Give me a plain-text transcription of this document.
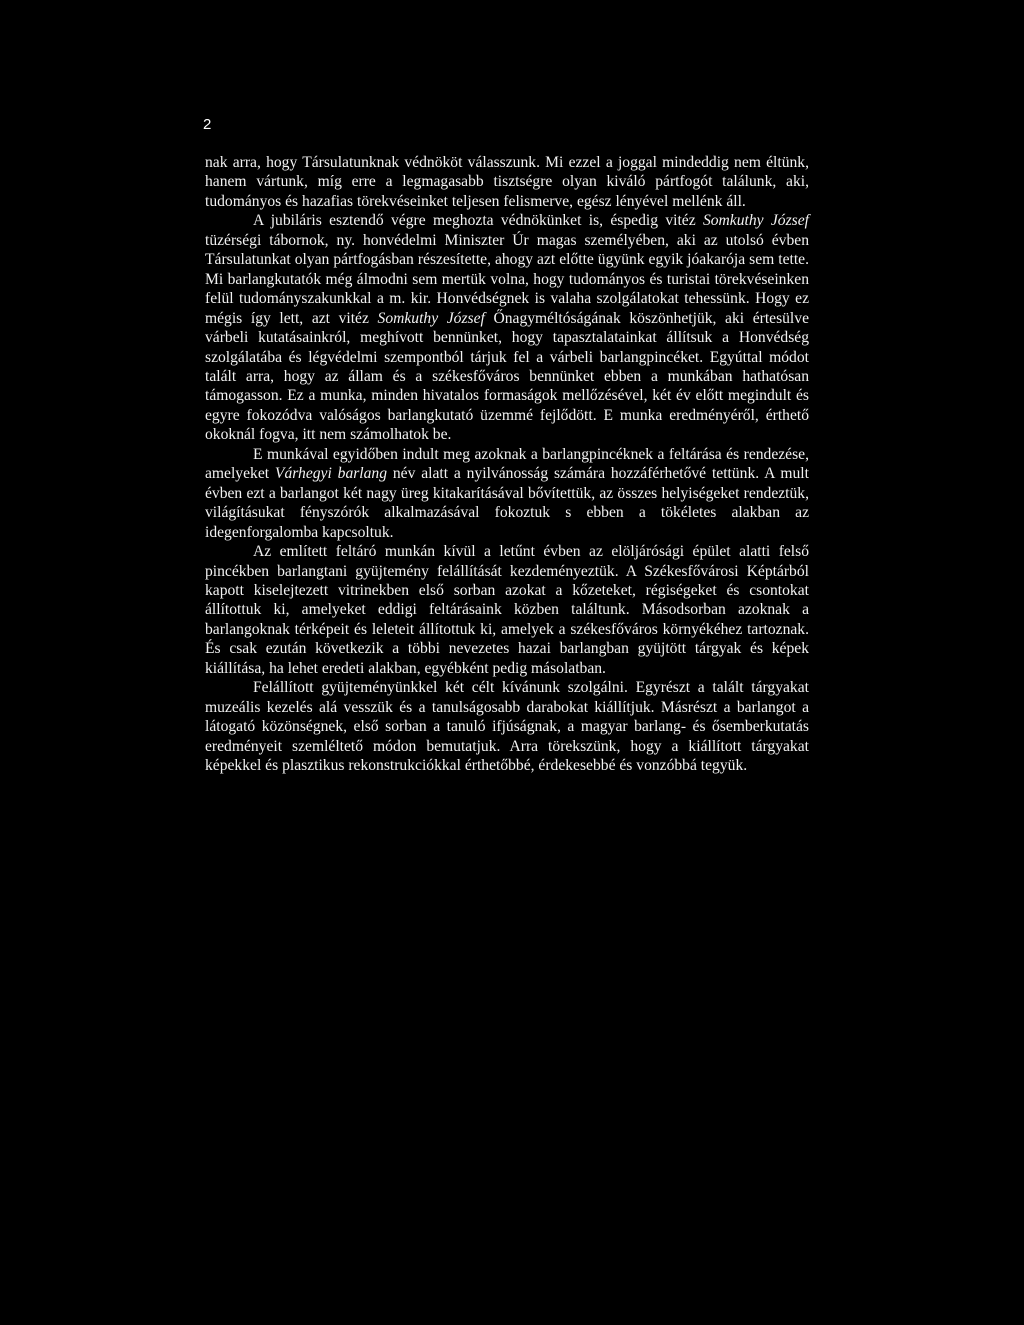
2

nak arra, hogy Társulatunknak védnököt válasszunk. Mi ezzel a joggal mindeddig nem éltünk, hanem vártunk, míg erre a legmagasabb tisztségre olyan kiváló pártfogót találunk, aki, tudományos és hazafias törekvéseinket teljesen felismerve, egész lényével mellénk áll.

A jubiláris esztendő végre meghozta védnökünket is, éspedig vitéz Somkuthy József tüzérségi tábornok, ny. honvédelmi Miniszter Úr magas személyében, aki az utolsó évben Társulatunkat olyan pártfogásban részesítette, ahogy azt előtte ügyünk egyik jóakarója sem tette. Mi barlangkutatók még álmodni sem mertük volna, hogy tudományos és turistai törekvéseinken felül tudományszakunkkal a m. kir. Honvédségnek is valaha szolgálatokat tehessünk. Hogy ez mégis így lett, azt vitéz Somkuthy József Őnagyméltóságának köszönhetjük, aki értesülve várbeli kutatásainkról, meghívott bennünket, hogy tapasztalatainkat állítsuk a Honvédség szolgálatába és légvédelmi szempontból tárjuk fel a várbeli barlangpincéket. Egyúttal módot talált arra, hogy az állam és a székesfőváros bennünket ebben a munkában hathatósan támogasson. Ez a munka, minden hivatalos formaságok mellőzésével, két év előtt megindult és egyre fokozódva valóságos barlangkutató üzemmé fejlődött. E munka eredményéről, érthető okoknál fogva, itt nem számolhatok be.

E munkával egyidőben indult meg azoknak a barlangpincéknek a feltárása és rendezése, amelyeket Várhegyi barlang név alatt a nyilvánosság számára hozzáférhetővé tettünk. A mult évben ezt a barlangot két nagy üreg kitakarításával bővítettük, az összes helyiségeket rendeztük, világításukat fényszórók alkalmazásával fokoztuk s ebben a tökéletes alakban az idegenforgalomba kapcsoltuk.

Az említett feltáró munkán kívül a letűnt évben az elöljárósági épület alatti felső pincékben barlangtani gyüjtemény felállítását kezdeményeztük. A Székesfővárosi Képtárból kapott kiselejtezett vitrinekben első sorban azokat a kőzeteket, régiségeket és csontokat állítottuk ki, amelyeket eddigi feltárásaink közben találtunk. Másodsorban azoknak a barlangoknak térképeit és leleteit állítottuk ki, amelyek a székesfőváros környékéhez tartoznak. És csak ezután következik a többi nevezetes hazai barlangban gyüjtött tárgyak és képek kiállítása, ha lehet eredeti alakban, egyébként pedig másolatban.

Felállított gyüjteményünkkel két célt kívánunk szolgálni. Egyrészt a talált tárgyakat muzeális kezelés alá vesszük és a tanulságosabb darabokat kiállítjuk. Másrészt a barlangot a látogató közönségnek, első sorban a tanuló ifjúságnak, a magyar barlang- és ősemberkutatás eredményeit szemléltető módon bemutatjuk. Arra törekszünk, hogy a kiállított tárgyakat képekkel és plasztikus rekonstrukciókkal érthetőbbé, érdekesebbé és vonzóbbá tegyük.
